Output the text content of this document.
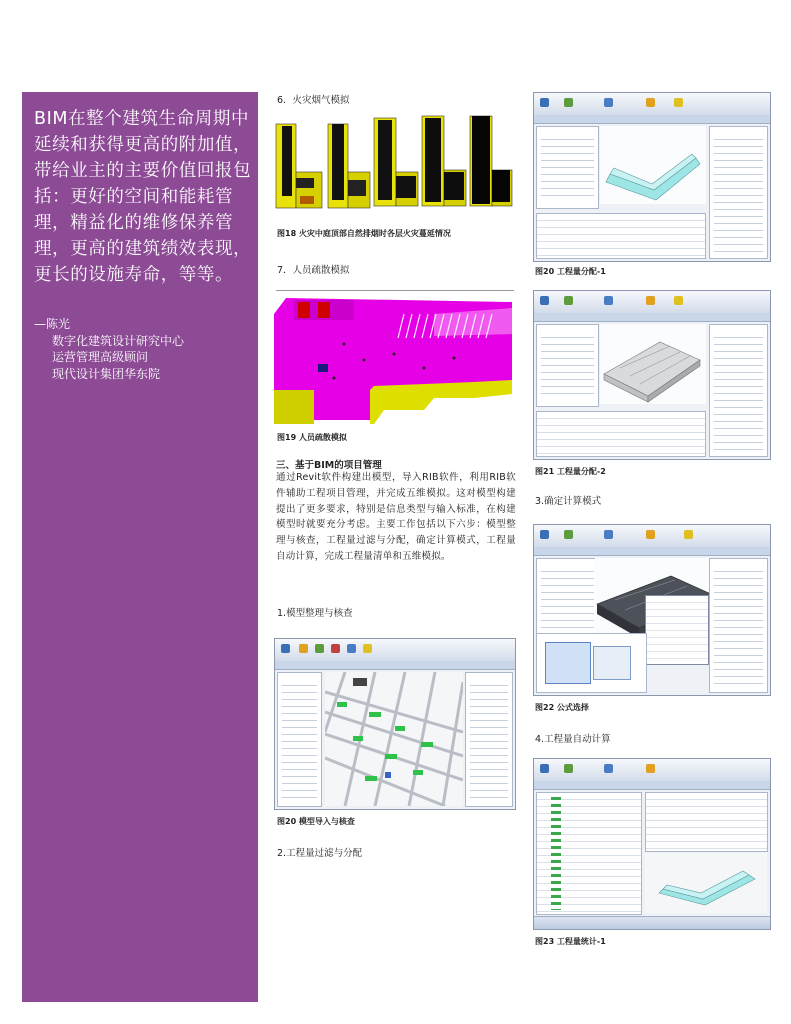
BIM在整个建筑生命周期中延续和获得更高的附加值，带给业主的主要价值回报包括：更好的空间和能耗管理，精益化的维修保养管理，更高的建筑绩效表现，更长的设施寿命，等等。

—陈光
数字化建筑设计研究中心
运营管理高级顾问
现代设计集团华东院

6．火灾烟气模拟

图18 火灾中庭顶部自然排烟时各层火灾蔓延情况

7．人员疏散模拟

图19 人员疏散模拟

三、基于BIM的项目管理

通过Revit软件构建出模型，导入RIB软件，利用RIB软件辅助工程项目管理，并完成五维模拟。这对模型构建提出了更多要求，特别是信息类型与输入标准，在构建模型时就要充分考虑。主要工作包括以下六步：模型整理与核查，工程量过滤与分配，确定计算模式，工程量自动计算，完成工程量清单和五维模拟。

1.模型整理与核查

图20 模型导入与核查

2.工程量过滤与分配

图20 工程量分配-1

图21 工程量分配-2

3.确定计算模式

图22 公式选择

4.工程量自动计算

图23 工程量统计-1
